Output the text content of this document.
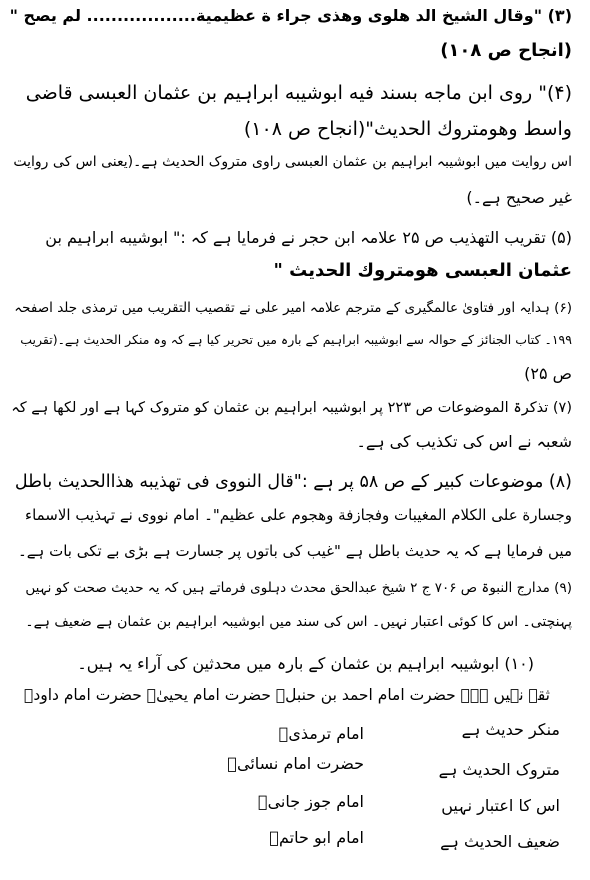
(۳) "وقال الشيخ الد هلوى وهذى جراء ة عظيمية.................. لم يصح "
(انجاح ص ۱۰۸)
(۴)" روى ابن ماجه بسند فيه ابوشيبه ابراہيم بن عثمان العبسى قاضى
واسط وهومتروك الحديث"(انجاح ص ۱۰۸)
اس روایت میں ابوشیبہ ابراہیم بن عثمان العبسی راوی متروک الحدیث ہے۔(یعنی اس کی روایت
غیر صحیح ہے۔)
(۵) تقریب التھذیب ص ۲۵ علامہ ابن حجر نے فرمایا ہے کہ :" ابوشيبه ابراہيم بن
عثمان العبسى هومتروك الحديث "
(۶) ہدایہ اور فتاویٰ عالمگیری کے مترجم علامہ امیر علی نے تقصیب التقریب میں ترمذی جلد اصفحہ
۱۹۹۔ کتاب الجنائز کے حوالہ سے ابوشیبہ ابراہیم کے بارہ میں تحریر کیا ہے کہ وہ منکر الحدیث ہے۔(تقریب
ص ۲۵)
(۷) تذکرۃ الموضوعات ص ۲۲۳ پر ابوشیبہ ابراہیم بن عثمان کو متروک کہا ہے اور لکھا ہے کہ
شعبہ نے اس کی تکذیب کی ہے۔
(۸) موضوعات کبیر کے ص ۵۸ پر ہے :"قال النووى فى تهذيبه هذاالحديث باطل
وجسارة على الكلام المغيبات وفجازفة وهجوم على عظيم"۔ امام نووی نے تہذیب الاسماء
میں فرمایا ہے کہ یہ حدیث باطل ہے "غیب کی باتوں پر جسارت ہے بڑی بے تکی بات ہے۔
(۹) مدارج النبوۃ ص ۷۰۶ ج ۲ شیخ عبدالحق محدث دہلوی فرماتے ہیں کہ یہ حدیث صحت کو نہیں
پہنچتی۔ اس کا کوئی اعتبار نہیں۔ اس کی سند میں ابوشیبہ ابراہیم بن عثمان ہے ضعیف ہے۔
(۱۰) ابوشیبہ ابراہیم بن عثمان کے بارہ میں محدثین کی آراء یہ ہیں۔
ثقہ نہیں ہے۔ حضرت امام احمد بن حنبلؒ حضرت امام یحییٰؒ حضرت امام داودؒ
منکر حدیث ہے
امام ترمذیؒ
متروک الحدیث ہے
حضرت امام نسائیؒ
اس کا اعتبار نہیں
امام جوز جانیؒ
ضعیف الحدیث ہے
امام ابو حاتمؒ
